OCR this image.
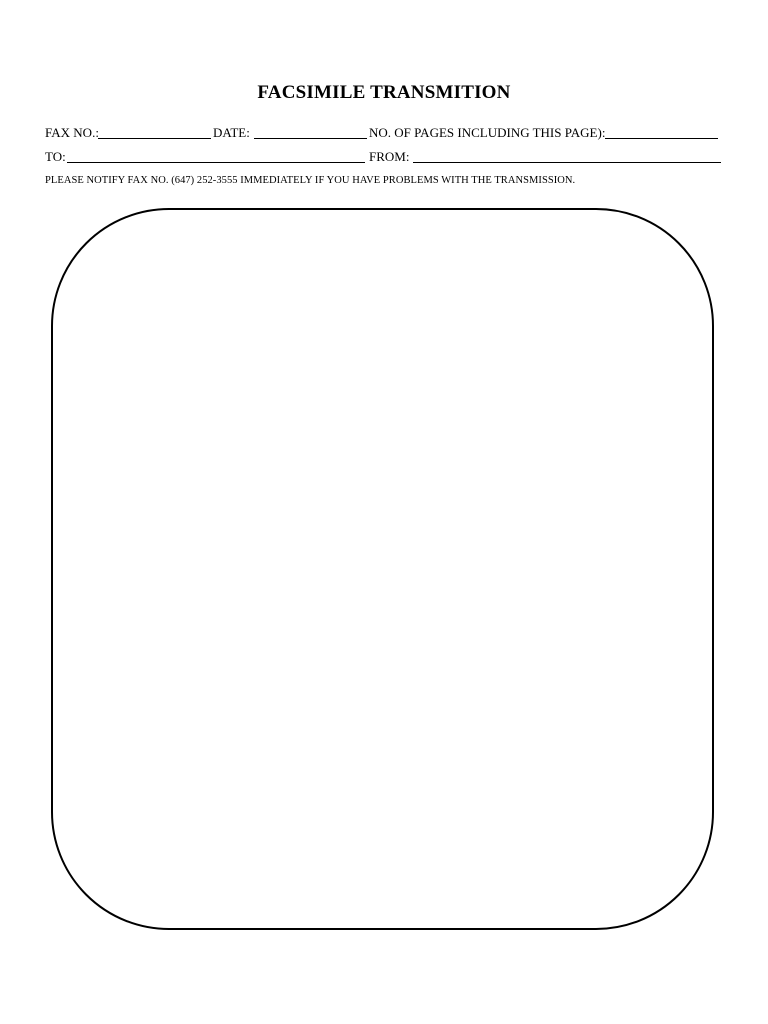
FACSIMILE TRANSMITION
FAX NO.:	DATE:	NO. OF PAGES INCLUDING THIS PAGE):
TO:	FROM:
PLEASE NOTIFY FAX NO. (647) 252-3555 IMMEDIATELY IF YOU HAVE PROBLEMS WITH THE TRANSMISSION.
